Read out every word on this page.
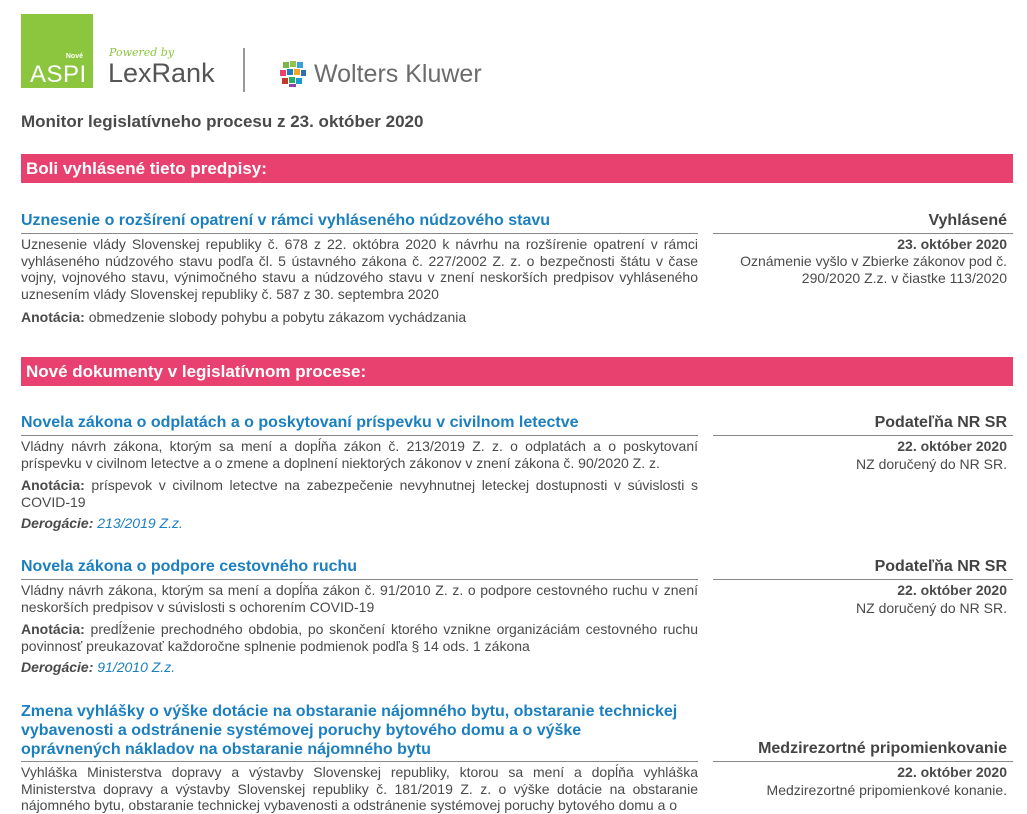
Nové
ASPI
Powered by
LexRank	Wolters Kluwer
Monitor legislatívneho procesu z 23. október 2020
Boli vyhlásené tieto predpisy:
Uznesenie o rozšírení opatrení v rámci vyhláseného núdzového stavu	Vyhlásené
Uznesenie vlády Slovenskej republiky č. 678 z 22. októbra 2020 k návrhu na rozšírenie opatrení v rámci vyhláseného núdzového stavu podľa čl. 5 ústavného zákona č. 227/2002 Z. z. o bezpečnosti štátu v čase vojny, vojnového stavu, výnimočného stavu a núdzového stavu v znení neskorších predpisov vyhláseného uznesením vlády Slovenskej republiky č. 587 z 30. septembra 2020
Anotácia: obmedzenie slobody pohybu a pobytu zákazom vychádzania
23. október 2020
Oznámenie vyšlo v Zbierke zákonov pod č. 290/2020 Z.z. v čiastke 113/2020
Nové dokumenty v legislatívnom procese:
Novela zákona o odplatách a o poskytovaní príspevku v civilnom letectve	Podateľňa NR SR
Vládny návrh zákona, ktorým sa mení a dopĺňa zákon č. 213/2019 Z. z. o odplatách a o poskytovaní príspevku v civilnom letectve a o zmene a doplnení niektorých zákonov v znení zákona č. 90/2020 Z. z.
Anotácia: príspevok v civilnom letectve na zabezpečenie nevyhnutnej leteckej dostupnosti v súvislosti s COVID-19
Derogácie: 213/2019 Z.z.
22. október 2020
NZ doručený do NR SR.
Novela zákona o podpore cestovného ruchu	Podateľňa NR SR
Vládny návrh zákona, ktorým sa mení a dopĺňa zákon č. 91/2010 Z. z. o podpore cestovného ruchu v znení neskorších predpisov v súvislosti s ochorením COVID-19
Anotácia: predĺženie prechodného obdobia, po skončení ktorého vznikne organizáciám cestovného ruchu povinnosť preukazovať každoročne splnenie podmienok podľa § 14 ods. 1 zákona
Derogácie: 91/2010 Z.z.
22. október 2020
NZ doručený do NR SR.
Zmena vyhlášky o výške dotácie na obstaranie nájomného bytu, obstaranie technickej vybavenosti a odstránenie systémovej poruchy bytového domu a o výške oprávnených nákladov na obstaranie nájomného bytu	Medzirezortné pripomienkovanie
Vyhláška Ministerstva dopravy a výstavby Slovenskej republiky, ktorou sa mení a dopĺňa vyhláška Ministerstva dopravy a výstavby Slovenskej republiky č. 181/2019 Z. z. o výške dotácie na obstaranie nájomného bytu, obstaranie technickej vybavenosti a odstránenie systémovej poruchy bytového domu a o
22. október 2020
Medzirezortné pripomienkové konanie.
